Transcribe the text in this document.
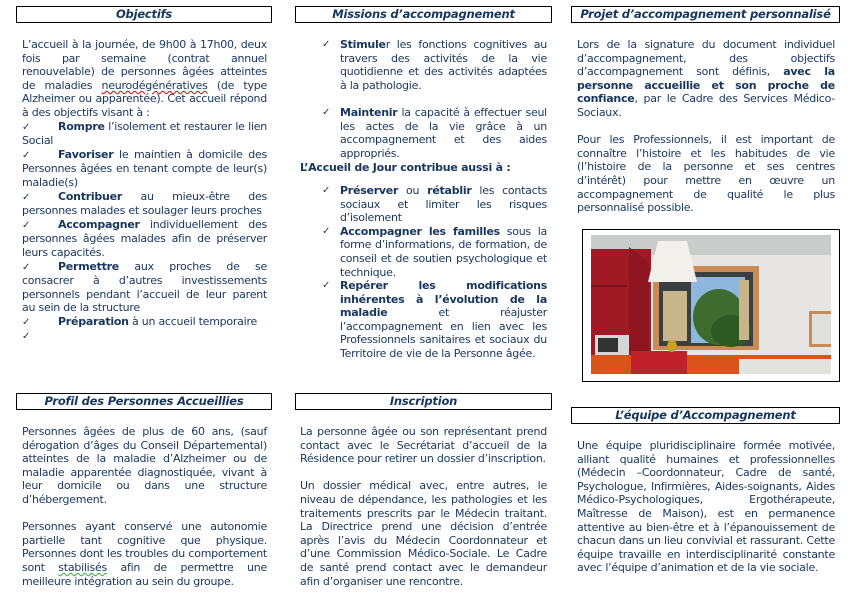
Objectifs

L’accueil à la journée, de 9h00 à 17h00, deux fois par semaine (contrat annuel renouvelable) de personnes âgées atteintes de maladies neurodégénératives (de type Alzheimer ou apparentée). Cet accueil répond à des objectifs visant à :

✓	Rompre l’isolement et restaurer le lien Social

✓	Favoriser le maintien à domicile des Personnes âgées en tenant compte de leur(s) maladie(s)

✓	Contribuer au mieux-être des personnes malades et soulager leurs proches

✓	Accompagner individuellement des personnes âgées malades afin de préserver leurs capacités.

✓	Permettre aux proches de se consacrer à d’autres investissements personnels pendant l’accueil de leur parent au sein de la structure

✓	Préparation à un accueil temporaire

✓

Missions d’accompagnement

✓ Stimuler les fonctions cognitives au travers des activités de la vie quotidienne et des activités adaptées à la pathologie.

✓ Maintenir la capacité à effectuer seul les actes de la vie grâce à un accompagnement et des aides appropriés.

L’Accueil de Jour contribue aussi à :

✓ Préserver ou rétablir les contacts sociaux et limiter les risques d’isolement

✓ Accompagner les familles sous la forme d’informations, de formation, de conseil et de soutien psychologique et technique.

✓ Repérer les modifications inhérentes à l’évolution de la maladie et réajuster l’accompagnement en lien avec les Professionnels sanitaires et sociaux du Territoire de vie de la Personne âgée.

Projet d’accompagnement personnalisé

Lors de la signature du document individuel d’accompagnement, des objectifs d’accompagnement sont définis, avec la personne accueillie et son proche de confiance, par le Cadre des Services Médico-Sociaux.

Pour les Professionnels, il est important de connaître l’histoire et les habitudes de vie (l’histoire de la personne et ses centres d’intérêt) pour mettre en œuvre un accompagnement de qualité le plus personnalisé possible.

Profil des Personnes Accueillies

Personnes âgées de plus de 60 ans, (sauf dérogation d’âges du Conseil Départemental) atteintes de la maladie d’Alzheimer ou de maladie apparentée diagnostiquée, vivant à leur domicile ou dans une structure d’hébergement.

Personnes ayant conservé une autonomie partielle tant cognitive que physique. Personnes dont les troubles du comportement sont stabilisés afin de permettre une meilleure intégration au sein du groupe.

Inscription

La personne âgée ou son représentant prend contact avec le Secrétariat d’accueil de la Résidence pour retirer un dossier d’inscription.

Un dossier médical avec, entre autres, le niveau de dépendance, les pathologies et les traitements prescrits par le Médecin traitant. La Directrice prend une décision d’entrée après l’avis du Médecin Coordonnateur et d’une Commission Médico-Sociale. Le Cadre de santé prend contact avec le demandeur afin d’organiser une rencontre.

L’équipe d’Accompagnement

Une équipe pluridisciplinaire formée motivée, alliant qualité humaines et professionnelles (Médecin –Coordonnateur, Cadre de santé, Psychologue, Infirmières, Aides-soignants, Aides Médico-Psychologiques, Ergothérapeute, Maîtresse de Maison), est en permanence attentive au bien-être et à l’épanouissement de chacun dans un lieu convivial et rassurant. Cette équipe travaille en interdisciplinarité constante avec l’équipe d’animation et de la vie sociale.
